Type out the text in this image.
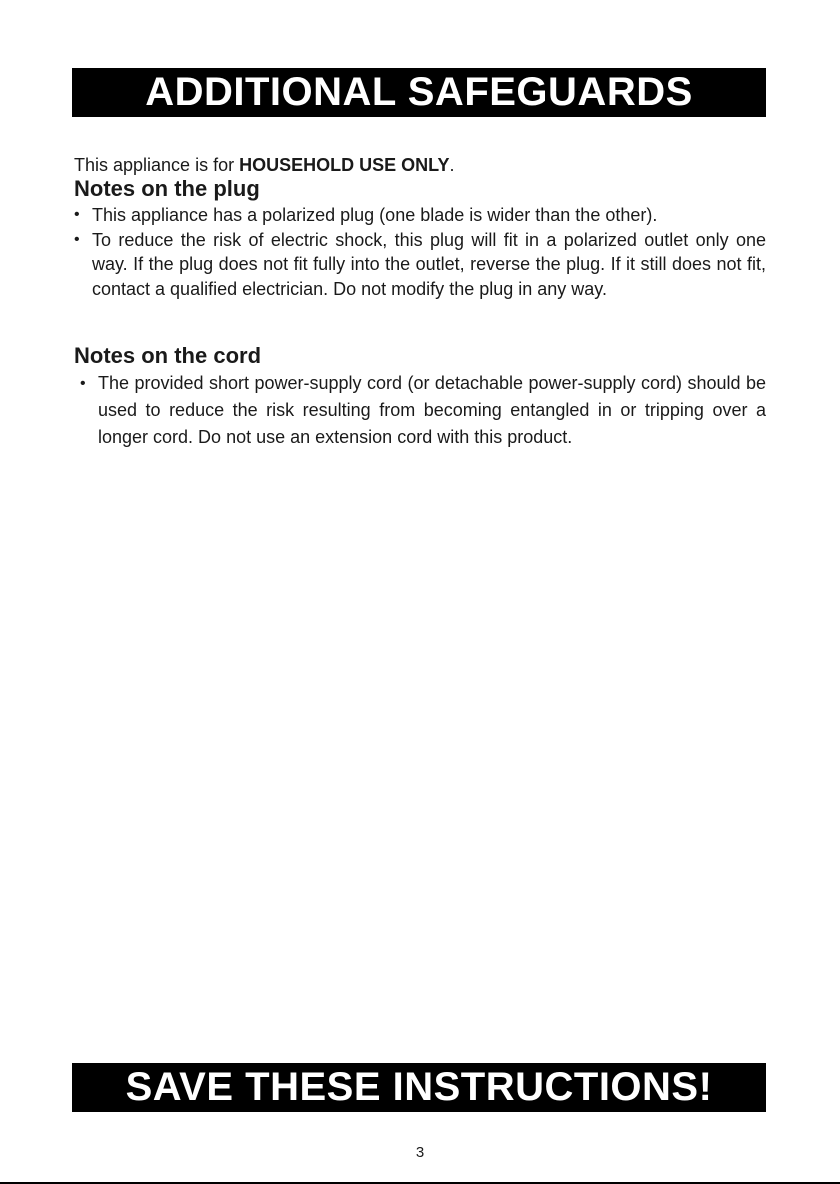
ADDITIONAL SAFEGUARDS

This appliance is for HOUSEHOLD USE ONLY.

Notes on the plug
• This appliance has a polarized plug (one blade is wider than the other).
• To reduce the risk of electric shock, this plug will fit in a polarized outlet only one way. If the plug does not fit fully into the outlet, reverse the plug. If it still does not fit, contact a qualified electrician. Do not modify the plug in any way.
Notes on the cord
• The provided short power-supply cord (or detachable power-supply cord) should be used to reduce the risk resulting from becoming entangled in or tripping over a longer cord. Do not use an extension cord with this product.
SAVE THESE INSTRUCTIONS!
3
